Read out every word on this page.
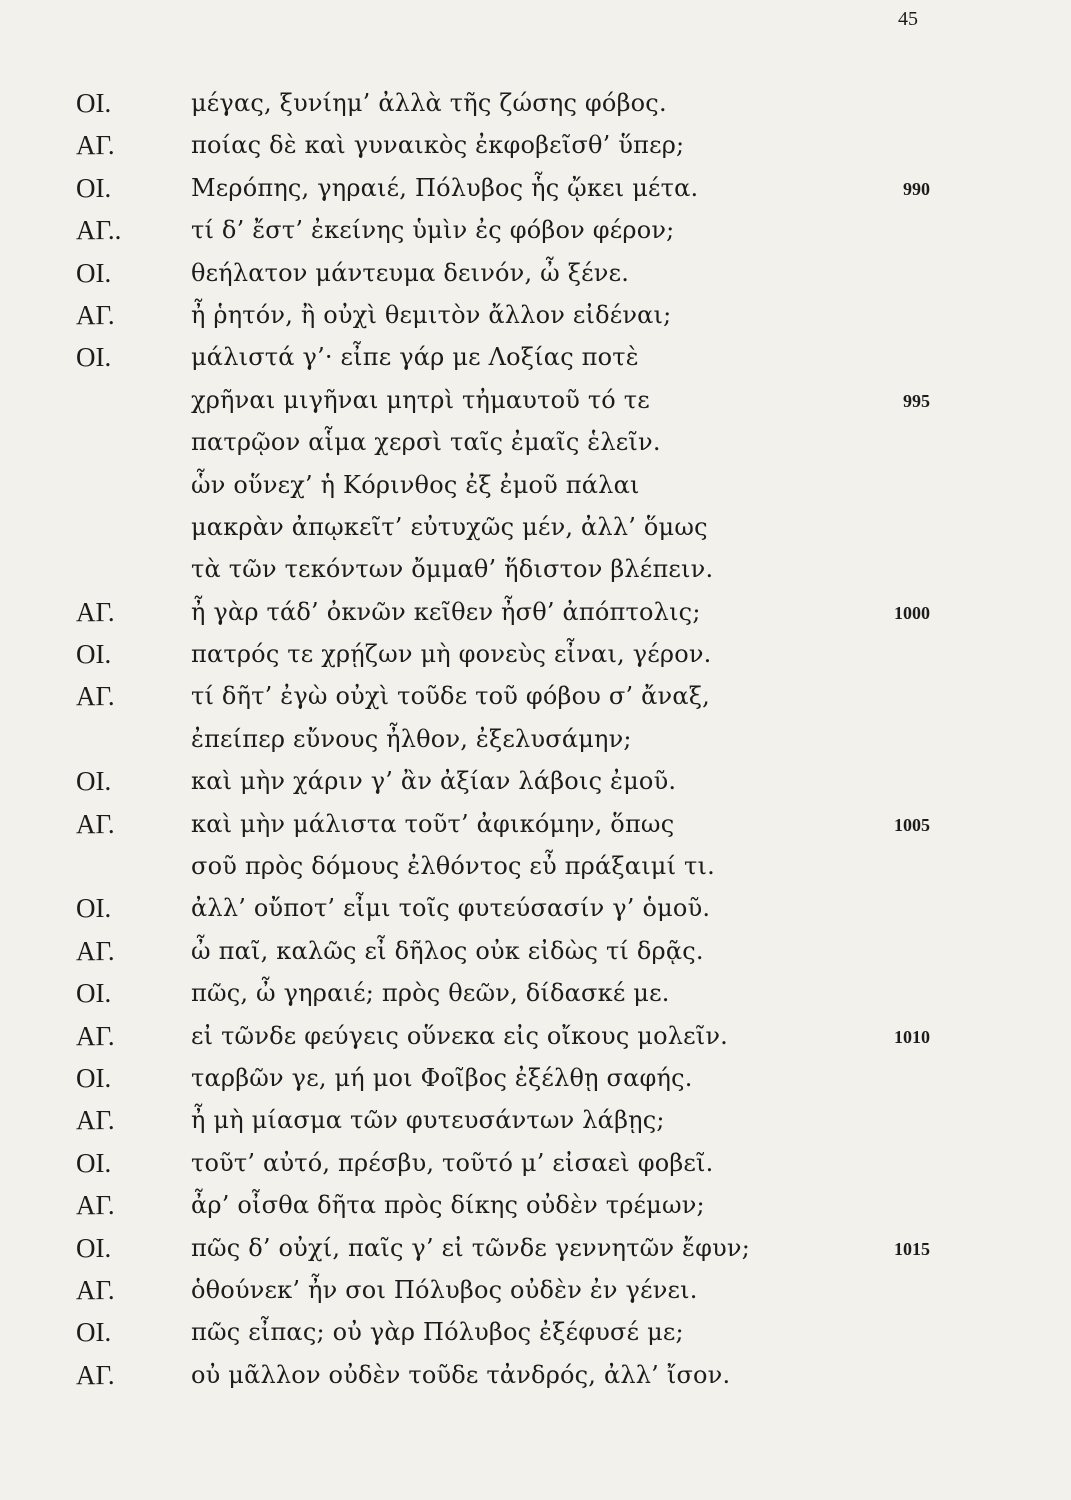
45
ΟΙ.	μέγας, ξυνίημ’ ἀλλὰ τῆς ζώσης φόβος.
ΑΓ.	ποίας δὲ καὶ γυναικὸς ἐκφοβεῖσθ’ ὕπερ;
ΟΙ.	Μερόπης, γηραιέ, Πόλυβος ἧς ᾤκει μέτα.	990
ΑΓ..	τί δ’ ἔστ’ ἐκείνης ὑμὶν ἐς φόβον φέρον;
ΟΙ.	θεήλατον μάντευμα δεινόν, ὦ ξένε.
ΑΓ.	ἦ ῥητόν, ἢ οὐχὶ θεμιτὸν ἄλλον εἰδέναι;
ΟΙ.	μάλιστά γ’· εἶπε γάρ με Λοξίας ποτὲ
χρῆναι μιγῆναι μητρὶ τἠμαυτοῦ τό τε	995
πατρῷον αἷμα χερσὶ ταῖς ἐμαῖς ἑλεῖν.
ὧν οὕνεχ’ ἡ Κόρινθος ἐξ ἐμοῦ πάλαι
μακρὰν ἀπῳκεῖτ’ εὐτυχῶς μέν, ἀλλ’ ὅμως
τὰ τῶν τεκόντων ὄμμαθ’ ἥδιστον βλέπειν.
ΑΓ.	ἦ γὰρ τάδ’ ὀκνῶν κεῖθεν ἦσθ’ ἀπόπτολις;	1000
ΟΙ.	πατρός τε χρῄζων μὴ φονεὺς εἶναι, γέρον.
ΑΓ.	τί δῆτ’ ἐγὼ οὐχὶ τοῦδε τοῦ φόβου σ’ ἄναξ,
ἐπείπερ εὔνους ἦλθον, ἐξελυσάμην;
ΟΙ.	καὶ μὴν χάριν γ’ ἂν ἀξίαν λάβοις ἐμοῦ.
ΑΓ.	καὶ μὴν μάλιστα τοῦτ’ ἀφικόμην, ὅπως	1005
σοῦ πρὸς δόμους ἐλθόντος εὖ πράξαιμί τι.
ΟΙ.	ἀλλ’ οὔποτ’ εἶμι τοῖς φυτεύσασίν γ’ ὁμοῦ.
ΑΓ.	ὦ παῖ, καλῶς εἶ δῆλος οὐκ εἰδὼς τί δρᾷς.
ΟΙ.	πῶς, ὦ γηραιέ; πρὸς θεῶν, δίδασκέ με.
ΑΓ.	εἰ τῶνδε φεύγεις οὕνεκα εἰς οἴκους μολεῖν.	1010
ΟΙ.	ταρβῶν γε, μή μοι Φοῖβος ἐξέλθῃ σαφής.
ΑΓ.	ἦ μὴ μίασμα τῶν φυτευσάντων λάβῃς;
ΟΙ.	τοῦτ’ αὐτό, πρέσβυ, τοῦτό μ’ εἰσαεὶ φοβεῖ.
ΑΓ.	ἆρ’ οἶσθα δῆτα πρὸς δίκης οὐδὲν τρέμων;
ΟΙ.	πῶς δ’ οὐχί, παῖς γ’ εἰ τῶνδε γεννητῶν ἔφυν;	1015
ΑΓ.	ὁθούνεκ’ ἦν σοι Πόλυβος οὐδὲν ἐν γένει.
ΟΙ.	πῶς εἶπας; οὐ γὰρ Πόλυβος ἐξέφυσέ με;
ΑΓ.	οὐ μᾶλλον οὐδὲν τοῦδε τἀνδρός, ἀλλ’ ἴσον.
